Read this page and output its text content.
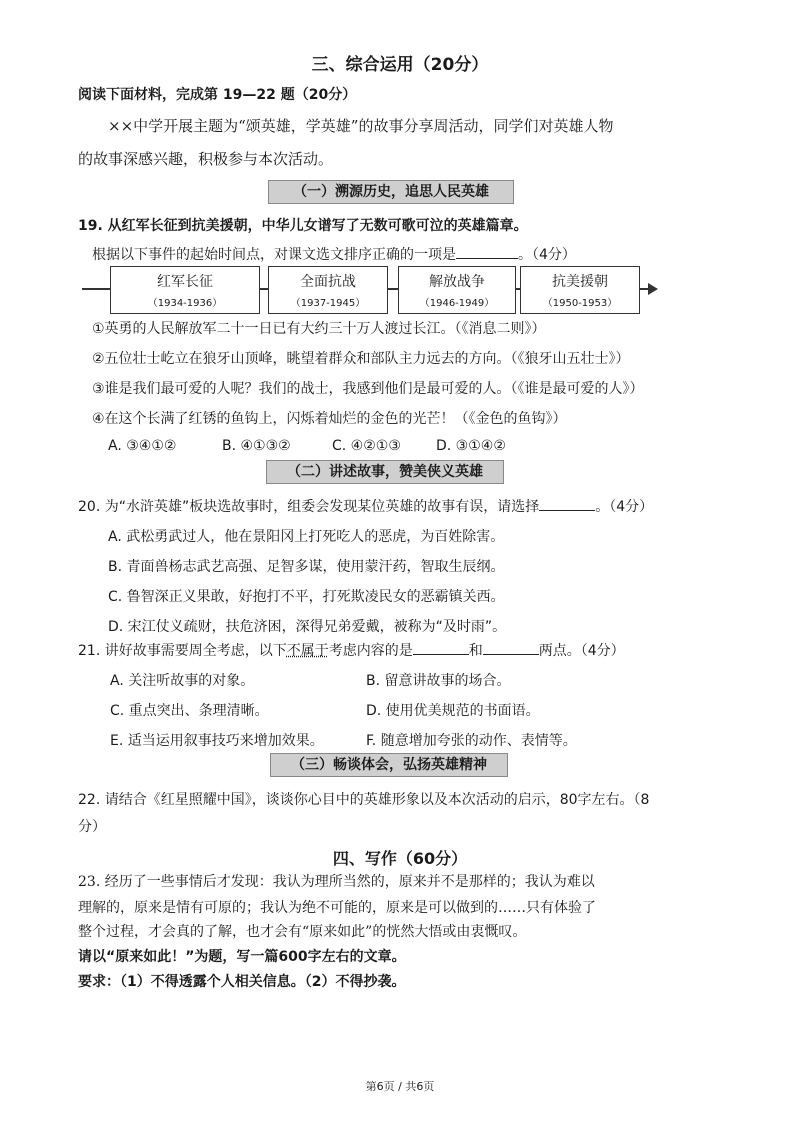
三、综合运用（20分）
阅读下面材料，完成第 19—22 题（20分）
××中学开展主题为“颂英雄，学英雄”的故事分享周活动，同学们对英雄人物
的故事深感兴趣，积极参与本次活动。
（一）溯源历史，追思人民英雄
19. 从红军长征到抗美援朝，中华儿女谱写了无数可歌可泣的英雄篇章。
根据以下事件的起始时间点，对课文选文排序正确的一项是	。（4分）
红军长征
（1934-1936）
全面抗战
（1937-1945）
解放战争
（1946-1949）
抗美援朝
（1950-1953）
①英勇的人民解放军二十一日已有大约三十万人渡过长江。（《消息二则》）
②五位壮士屹立在狼牙山顶峰，眺望着群众和部队主力远去的方向。（《狼牙山五壮士》）
③谁是我们最可爱的人呢？我们的战士，我感到他们是最可爱的人。（《谁是最可爱的人》）
④在这个长满了红锈的鱼钩上，闪烁着灿烂的金色的光芒！（《金色的鱼钩》）
A. ③④①②	B. ④①③②	C. ④②①③	D. ③①④②
（二）讲述故事，赞美侠义英雄
20. 为“水浒英雄”板块选故事时，组委会发现某位英雄的故事有误，请选择	。（4分）
A. 武松勇武过人，他在景阳冈上打死吃人的恶虎，为百姓除害。
B. 青面兽杨志武艺高强、足智多谋，使用蒙汗药，智取生辰纲。
C. 鲁智深正义果敢，好抱打不平，打死欺凌民女的恶霸镇关西。
D. 宋江仗义疏财，扶危济困，深得兄弟爱戴，被称为“及时雨”。
21. 讲好故事需要周全考虑，以下不属于考虑内容的是	和	两点。（4分）
A. 关注听故事的对象。	B. 留意讲故事的场合。
C. 重点突出、条理清晰。	D. 使用优美规范的书面语。
E. 适当运用叙事技巧来增加效果。	F. 随意增加夸张的动作、表情等。
（三）畅谈体会，弘扬英雄精神
22. 请结合《红星照耀中国》，谈谈你心目中的英雄形象以及本次活动的启示，80字左右。（8
分）
四、写作（60分）
23. 经历了一些事情后才发现：我认为理所当然的，原来并不是那样的；我认为难以
理解的，原来是情有可原的；我认为绝不可能的，原来是可以做到的……只有体验了
整个过程，才会真的了解，也才会有“原来如此”的恍然大悟或由衷慨叹。
请以“原来如此！”为题，写一篇600字左右的文章。
要求：（1）不得透露个人相关信息。（2）不得抄袭。
第6页 / 共6页
